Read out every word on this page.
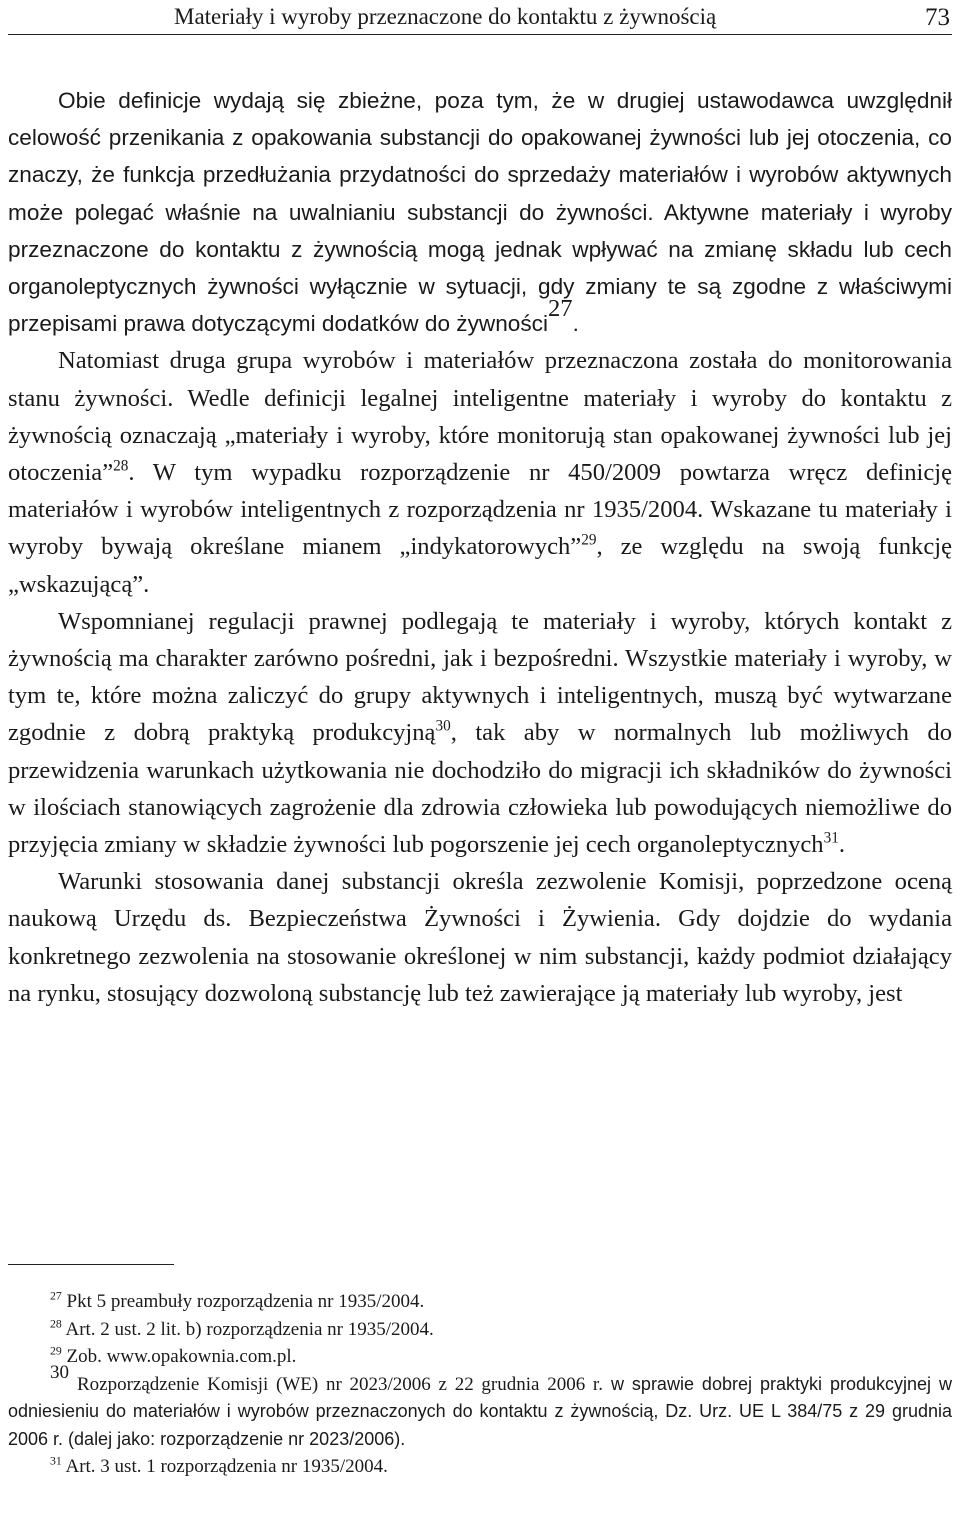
Materiały i wyroby przeznaczone do kontaktu z żywnością	73

Obie definicje wydają się zbieżne, poza tym, że w drugiej ustawodawca uwzględnił celowość przenikania z opakowania substancji do opakowanej żywności lub jej otoczenia, co znaczy, że funkcja przedłużania przydatności do sprzedaży materiałów i wyrobów aktywnych może polegać właśnie na uwalnianiu substancji do żywności. Aktywne materiały i wyroby przeznaczone do kontaktu z żywnością mogą jednak wpływać na zmianę składu lub cech organoleptycznych żywności wyłącznie w sytuacji, gdy zmiany te są zgodne z właściwymi przepisami prawa dotyczącymi dodatków do żywności$^{27}$.

Natomiast druga grupa wyrobów i materiałów przeznaczona została do monitorowania stanu żywności. Wedle definicji legalnej inteligentne materiały i wyroby do kontaktu z żywnością oznaczają „materiały i wyroby, które monitorują stan opakowanej żywności lub jej otoczenia”$^{28}$. W tym wypadku rozporządzenie nr 450/2009 powtarza wręcz definicję materiałów i wyrobów inteligentnych z rozporządzenia nr 1935/2004. Wskazane tu materiały i wyroby bywają określane mianem „indykatorowych”$^{29}$, ze względu na swoją funkcję „wskazującą”.

Wspomnianej regulacji prawnej podlegają te materiały i wyroby, których kontakt z żywnością ma charakter zarówno pośredni, jak i bezpośredni. Wszystkie materiały i wyroby, w tym te, które można zaliczyć do grupy aktywnych i inteligentnych, muszą być wytwarzane zgodnie z dobrą praktyką produkcyjną$^{30}$, tak aby w normalnych lub możliwych do przewidzenia warunkach użytkowania nie dochodziło do migracji ich składników do żywności w ilościach stanowiących zagrożenie dla zdrowia człowieka lub powodujących niemożliwe do przyjęcia zmiany w składzie żywności lub pogorszenie jej cech organoleptycznych$^{31}$.

Warunki stosowania danej substancji określa zezwolenie Komisji, poprzedzone oceną naukową Urzędu ds. Bezpieczeństwa Żywności i Żywienia. Gdy dojdzie do wydania konkretnego zezwolenia na stosowanie określonej w nim substancji, każdy podmiot działający na rynku, stosujący dozwoloną substancję lub też zawierające ją materiały lub wyroby, jest

$^{27}$ Pkt 5 preambuły rozporządzenia nr 1935/2004.

$^{28}$ Art. 2 ust. 2 lit. b) rozporządzenia nr 1935/2004.

$^{29}$ Zob. www.opakownia.com.pl.

$^{30}$ Rozporządzenie Komisji (WE) nr 2023/2006 z 22 grudnia 2006 r. w sprawie dobrej praktyki produkcyjnej w odniesieniu do materiałów i wyrobów przeznaczonych do kontaktu z żywnością, Dz. Urz. UE L 384/75 z 29 grudnia 2006 r. (dalej jako: rozporządzenie nr 2023/2006).

$^{31}$ Art. 3 ust. 1 rozporządzenia nr 1935/2004.
